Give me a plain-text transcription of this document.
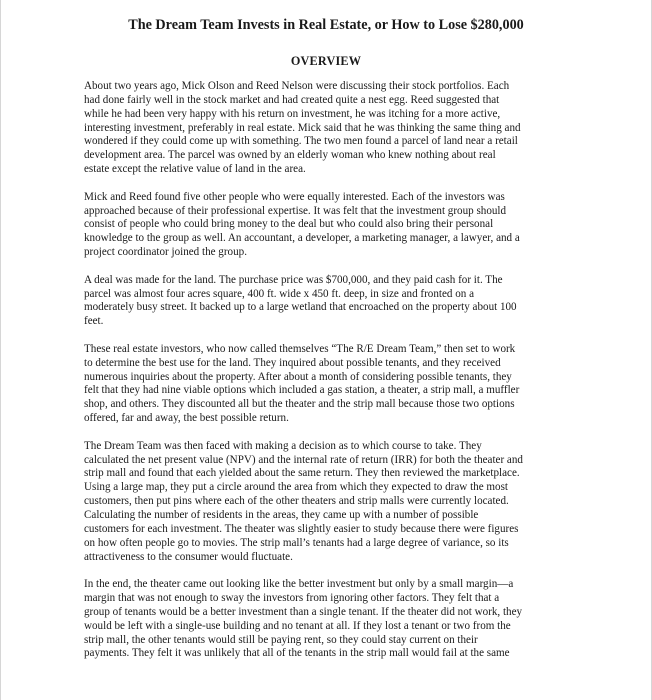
The Dream Team Invests in Real Estate, or How to Lose $280,000
OVERVIEW

About two years ago, Mick Olson and Reed Nelson were discussing their stock portfolios. Each
had done fairly well in the stock market and had created quite a nest egg. Reed suggested that
while he had been very happy with his return on investment, he was itching for a more active,
interesting investment, preferably in real estate. Mick said that he was thinking the same thing and
wondered if they could come up with something. The two men found a parcel of land near a retail
development area. The parcel was owned by an elderly woman who knew nothing about real
estate except the relative value of land in the area.

Mick and Reed found five other people who were equally interested. Each of the investors was
approached because of their professional expertise. It was felt that the investment group should
consist of people who could bring money to the deal but who could also bring their personal
knowledge to the group as well. An accountant, a developer, a marketing manager, a lawyer, and a
project coordinator joined the group.

A deal was made for the land. The purchase price was $700,000, and they paid cash for it. The
parcel was almost four acres square, 400 ft. wide x 450 ft. deep, in size and fronted on a
moderately busy street. It backed up to a large wetland that encroached on the property about 100
feet.

These real estate investors, who now called themselves “The R/E Dream Team,” then set to work
to determine the best use for the land. They inquired about possible tenants, and they received
numerous inquiries about the property. After about a month of considering possible tenants, they
felt that they had nine viable options which included a gas station, a theater, a strip mall, a muffler
shop, and others. They discounted all but the theater and the strip mall because those two options
offered, far and away, the best possible return.

The Dream Team was then faced with making a decision as to which course to take. They
calculated the net present value (NPV) and the internal rate of return (IRR) for both the theater and
strip mall and found that each yielded about the same return. They then reviewed the marketplace.
Using a large map, they put a circle around the area from which they expected to draw the most
customers, then put pins where each of the other theaters and strip malls were currently located.
Calculating the number of residents in the areas, they came up with a number of possible
customers for each investment. The theater was slightly easier to study because there were figures
on how often people go to movies. The strip mall’s tenants had a large degree of variance, so its
attractiveness to the consumer would fluctuate.

In the end, the theater came out looking like the better investment but only by a small margin—a
margin that was not enough to sway the investors from ignoring other factors. They felt that a
group of tenants would be a better investment than a single tenant. If the theater did not work, they
would be left with a single-use building and no tenant at all. If they lost a tenant or two from the
strip mall, the other tenants would still be paying rent, so they could stay current on their
payments. They felt it was unlikely that all of the tenants in the strip mall would fail at the same
